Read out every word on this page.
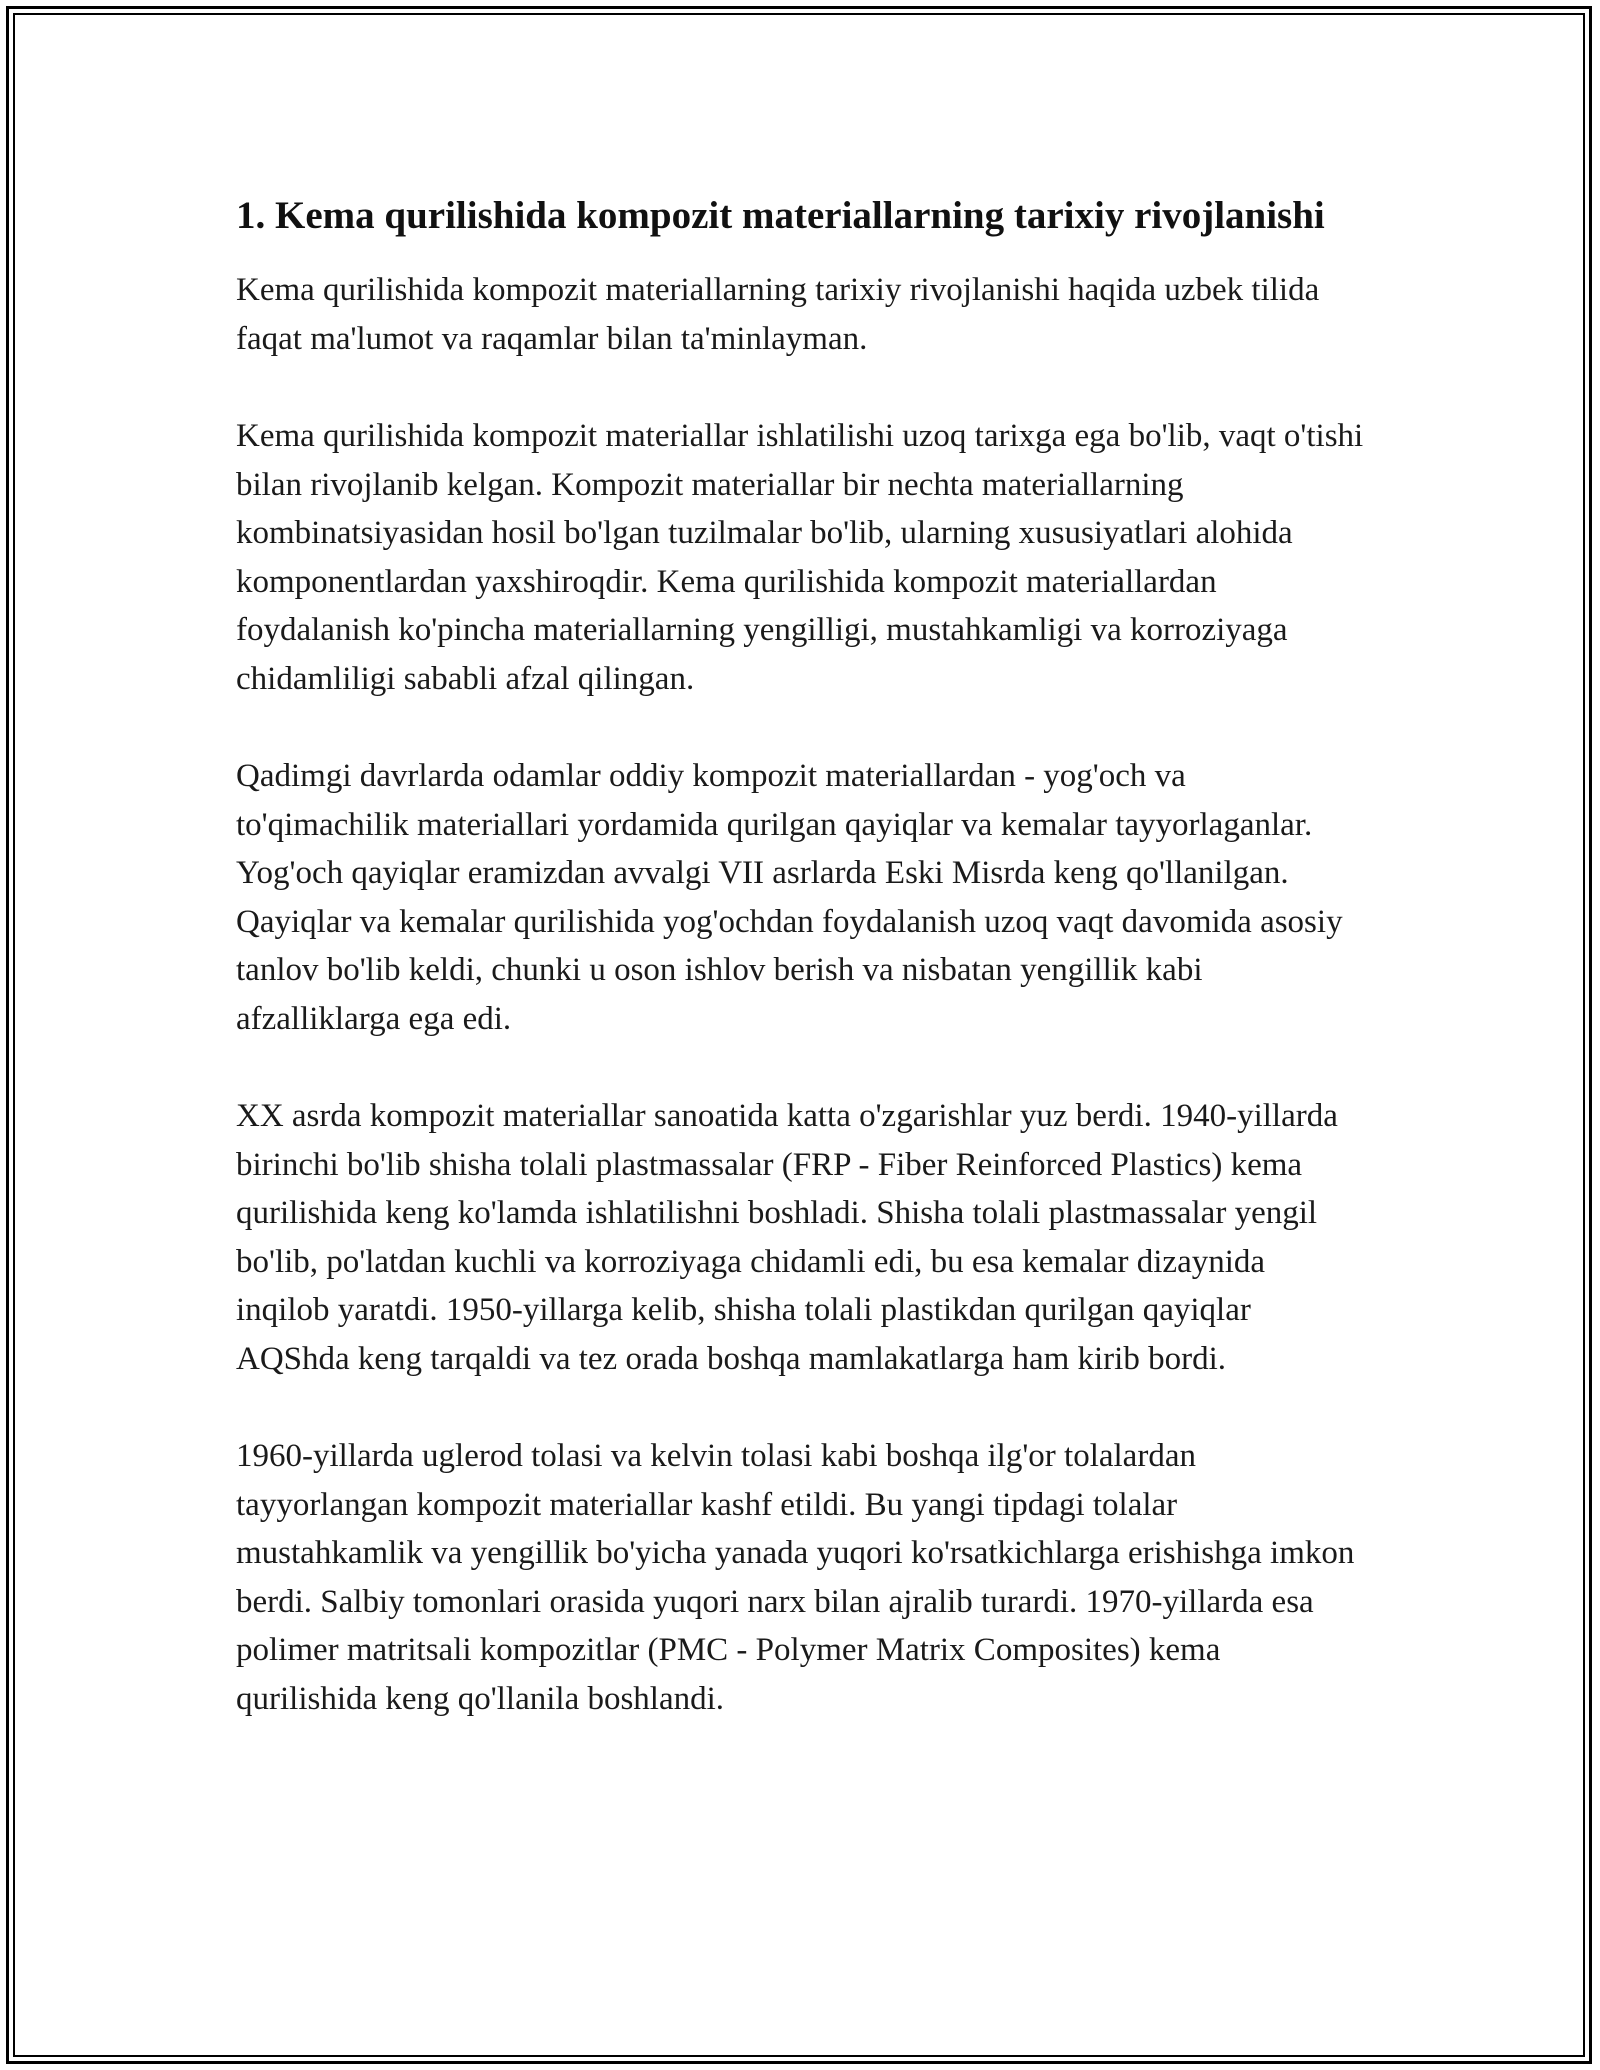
1. Kema qurilishida kompozit materiallarning tarixiy rivojlanishi

Kema qurilishida kompozit materiallarning tarixiy rivojlanishi haqida uzbek tilida faqat ma'lumot va raqamlar bilan ta'minlayman.

Kema qurilishida kompozit materiallar ishlatilishi uzoq tarixga ega bo'lib, vaqt o'tishi bilan rivojlanib kelgan. Kompozit materiallar bir nechta materiallarning kombinatsiyasidan hosil bo'lgan tuzilmalar bo'lib, ularning xususiyatlari alohida komponentlardan yaxshiroqdir. Kema qurilishida kompozit materiallardan foydalanish ko'pincha materiallarning yengilligi, mustahkamligi va korroziyaga chidamliligi sababli afzal qilingan.

Qadimgi davrlarda odamlar oddiy kompozit materiallardan - yog'och va to'qimachilik materiallari yordamida qurilgan qayiqlar va kemalar tayyorlaganlar. Yog'och qayiqlar eramizdan avvalgi VII asrlarda Eski Misrda keng qo'llanilgan. Qayiqlar va kemalar qurilishida yog'ochdan foydalanish uzoq vaqt davomida asosiy tanlov bo'lib keldi, chunki u oson ishlov berish va nisbatan yengillik kabi afzalliklarga ega edi.

XX asrda kompozit materiallar sanoatida katta o'zgarishlar yuz berdi. 1940-yillarda birinchi bo'lib shisha tolali plastmassalar (FRP - Fiber Reinforced Plastics) kema qurilishida keng ko'lamda ishlatilishni boshladi. Shisha tolali plastmassalar yengil bo'lib, po'latdan kuchli va korroziyaga chidamli edi, bu esa kemalar dizaynida inqilob yaratdi. 1950-yillarga kelib, shisha tolali plastikdan qurilgan qayiqlar AQShda keng tarqaldi va tez orada boshqa mamlakatlarga ham kirib bordi.

1960-yillarda uglerod tolasi va kelvin tolasi kabi boshqa ilg'or tolalardan tayyorlangan kompozit materiallar kashf etildi. Bu yangi tipdagi tolalar mustahkamlik va yengillik bo'yicha yanada yuqori ko'rsatkichlarga erishishga imkon berdi. Salbiy tomonlari orasida yuqori narx bilan ajralib turardi. 1970-yillarda esa polimer matritsali kompozitlar (PMC - Polymer Matrix Composites) kema qurilishida keng qo'llanila boshlandi.
